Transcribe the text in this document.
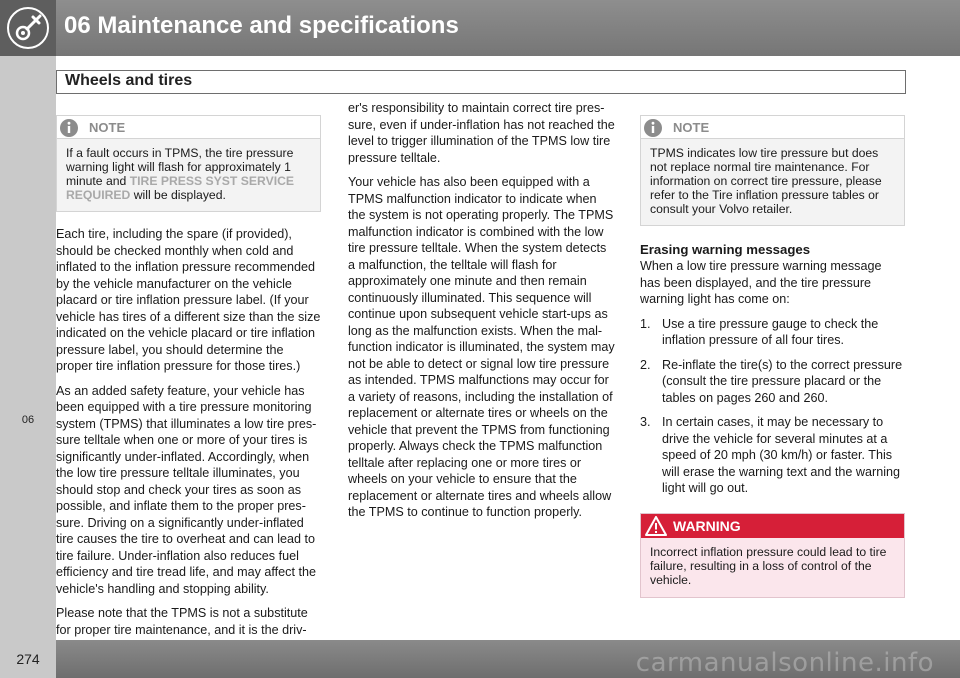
06 Maintenance and specifications
06
Wheels and tires
NOTE
If a fault occurs in TPMS, the tire pressure warning light will flash for approximately 1 minute and TIRE PRESS SYST SERVICE REQUIRED will be displayed.

Each tire, including the spare (if provided), should be checked monthly when cold and inflated to the inflation pressure recommended by the vehicle manufacturer on the vehicle placard or tire inflation pressure label. (If your vehicle has tires of a different size than the size indicated on the vehicle placard or tire inflation pressure label, you should determine the proper tire inflation pressure for those tires.)

As an added safety feature, your vehicle has been equipped with a tire pressure monitoring system (TPMS) that illuminates a low tire pres-sure telltale when one or more of your tires is significantly under-inflated. Accordingly, when the low tire pressure telltale illuminates, you should stop and check your tires as soon as possible, and inflate them to the proper pres-sure. Driving on a significantly under-inflated tire causes the tire to overheat and can lead to tire failure. Under-inflation also reduces fuel efficiency and tire tread life, and may affect the vehicle's handling and stopping ability.

Please note that the TPMS is not a substitute for proper tire maintenance, and it is the driv-

er's responsibility to maintain correct tire pres-sure, even if under-inflation has not reached the level to trigger illumination of the TPMS low tire pressure telltale.

Your vehicle has also been equipped with a TPMS malfunction indicator to indicate when the system is not operating properly. The TPMS malfunction indicator is combined with the low tire pressure telltale. When the system detects a malfunction, the telltale will flash for approximately one minute and then remain continuously illuminated. This sequence will continue upon subsequent vehicle start-ups as long as the malfunction exists. When the mal-function indicator is illuminated, the system may not be able to detect or signal low tire pressure as intended. TPMS malfunctions may occur for a variety of reasons, including the installation of replacement or alternate tires or wheels on the vehicle that prevent the TPMS from functioning properly. Always check the TPMS malfunction telltale after replacing one or more tires or wheels on your vehicle to ensure that the replacement or alternate tires and wheels allow the TPMS to continue to function properly.

NOTE
TPMS indicates low tire pressure but does not replace normal tire maintenance. For information on correct tire pressure, please refer to the Tire inflation pressure tables or consult your Volvo retailer.
Erasing warning messages

When a low tire pressure warning message has been displayed, and the tire pressure warning light has come on:

1. Use a tire pressure gauge to check the inflation pressure of all four tires.
2. Re-inflate the tire(s) to the correct pressure (consult the tire pressure placard or the tables on pages 260 and 260.
3. In certain cases, it may be necessary to drive the vehicle for several minutes at a speed of 20 mph (30 km/h) or faster. This will erase the warning text and the warning light will go out.
WARNING
Incorrect inflation pressure could lead to tire failure, resulting in a loss of control of the vehicle.
274	carmanualsonline.info
